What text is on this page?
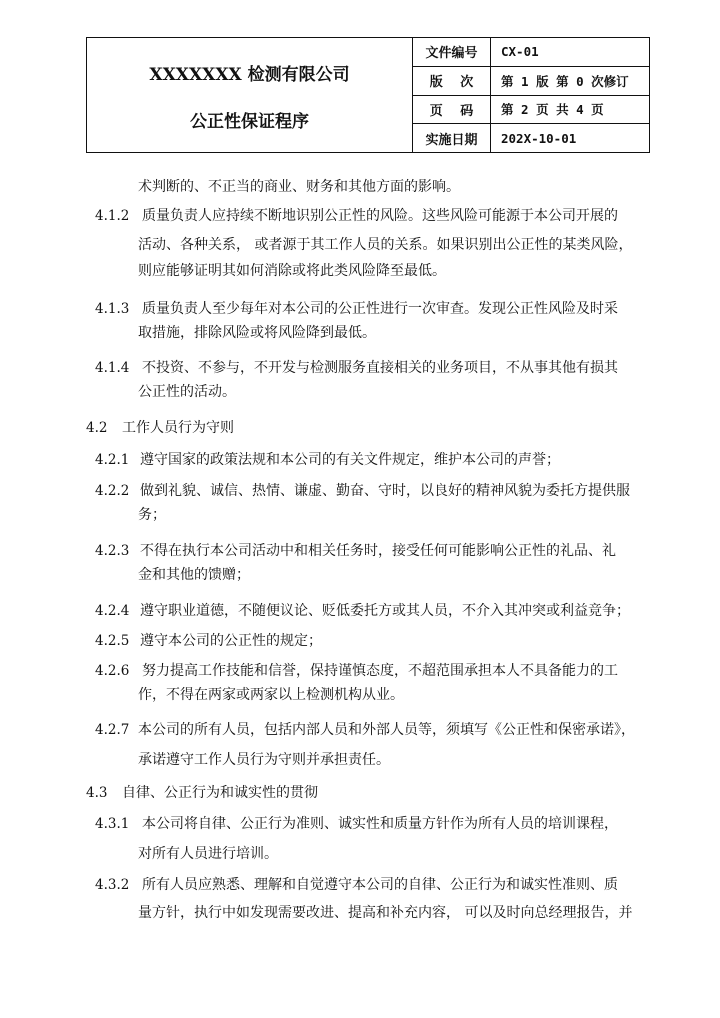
XXXXXXX 检测有限公司
公正性保证程序
文件编号	CX-01
版　 次	第 1 版 第 0 次修订
页　 码	第 2 页 共 4 页
实施日期	202X-10-01
术判断的、不正当的商业、财务和其他方面的影响。
4.1.2 质量负责人应持续不断地识别公正性的风险。这些风险可能源于本公司开展的
活动、各种关系， 或者源于其工作人员的关系。如果识别出公正性的某类风险，
则应能够证明其如何消除或将此类风险降至最低。
4.1.3 质量负责人至少每年对本公司的公正性进行一次审查。发现公正性风险及时采
取措施，排除风险或将风险降到最低。
4.1.4 不投资、不参与，不开发与检测服务直接相关的业务项目，不从事其他有损其
公正性的活动。
4.2 工作人员行为守则
4.2.1 遵守国家的政策法规和本公司的有关文件规定，维护本公司的声誉；
4.2.2 做到礼貌、诚信、热情、谦虚、勤奋、守时，以良好的精神风貌为委托方提供服
务；
4.2.3 不得在执行本公司活动中和相关任务时，接受任何可能影响公正性的礼品、礼
金和其他的馈赠；
4.2.4 遵守职业道德，不随便议论、贬低委托方或其人员，不介入其冲突或利益竞争；
4.2.5 遵守本公司的公正性的规定；
4.2.6 努力提高工作技能和信誉，保持谨慎态度，不超范围承担本人不具备能力的工
作，不得在两家或两家以上检测机构从业。
4.2.7 本公司的所有人员，包括内部人员和外部人员等，须填写《公正性和保密承诺》，
承诺遵守工作人员行为守则并承担责任。
4.3 自律、公正行为和诚实性的贯彻
4.3.1 本公司将自律、公正行为准则、诚实性和质量方针作为所有人员的培训课程，
对所有人员进行培训。
4.3.2 所有人员应熟悉、理解和自觉遵守本公司的自律、公正行为和诚实性准则、质
量方针，执行中如发现需要改进、提高和补充内容， 可以及时向总经理报告，并
